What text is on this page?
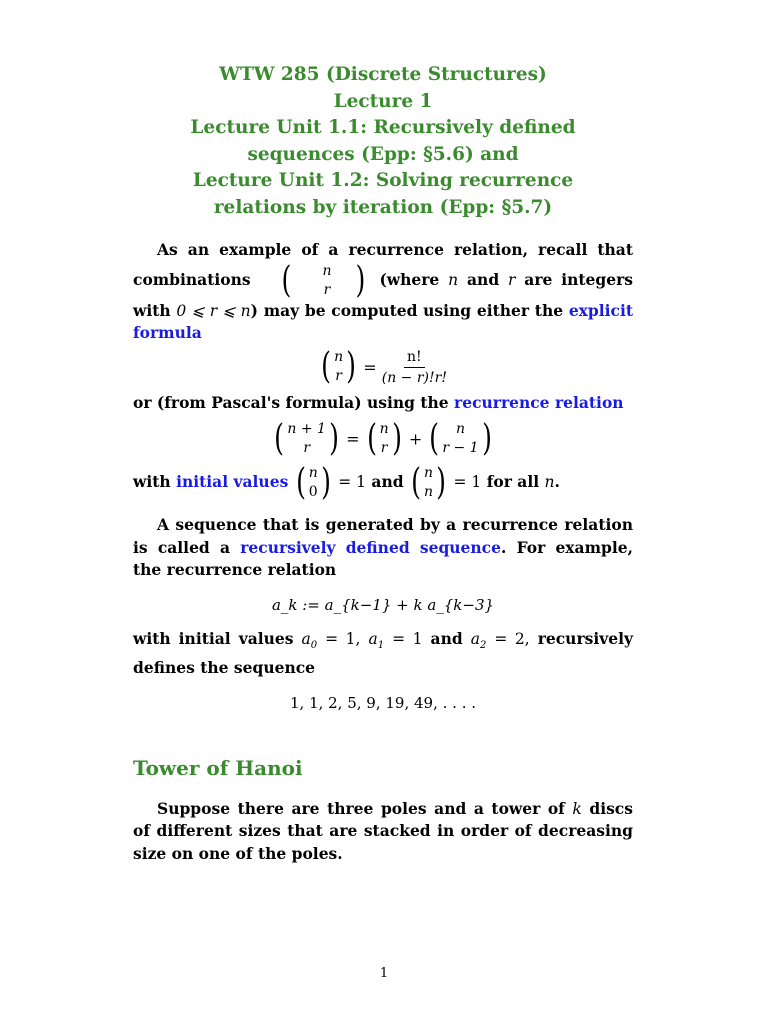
WTW 285 (Discrete Structures)

Lecture 1

Lecture Unit 1.1: Recursively defined

sequences (Epp: §5.6) and

Lecture Unit 1.2: Solving recurrence

relations by iteration (Epp: §5.7)

As an example of a recurrence relation, recall that combinations (	n
r ) (where n and r are integers with 0 ⩽ r ⩽ n) may be computed using either the explicit formula

( n
r ) = $\frac{n!}{(n - r)!r!}$

or (from Pascal's formula) using the recurrence relation

( n + 1
r ) = ( n
r ) + ( n
r − 1 )

with initial values ( n
0 ) = 1 and ( n
n ) = 1 for all n.

A sequence that is generated by a recurrence relation is called a recursively defined sequence. For example, the recurrence relation

a_k := a_{k−1} + k a_{k−3}

with initial values $a_0 = 1$, $a_1 = 1$ and $a_2 = 2$, recursively defines the sequence

1, 1, 2, 5, 9, 19, 49, . . . .
Tower of Hanoi

Suppose there are three poles and a tower of k discs of different sizes that are stacked in order of decreasing size on one of the poles.

1
